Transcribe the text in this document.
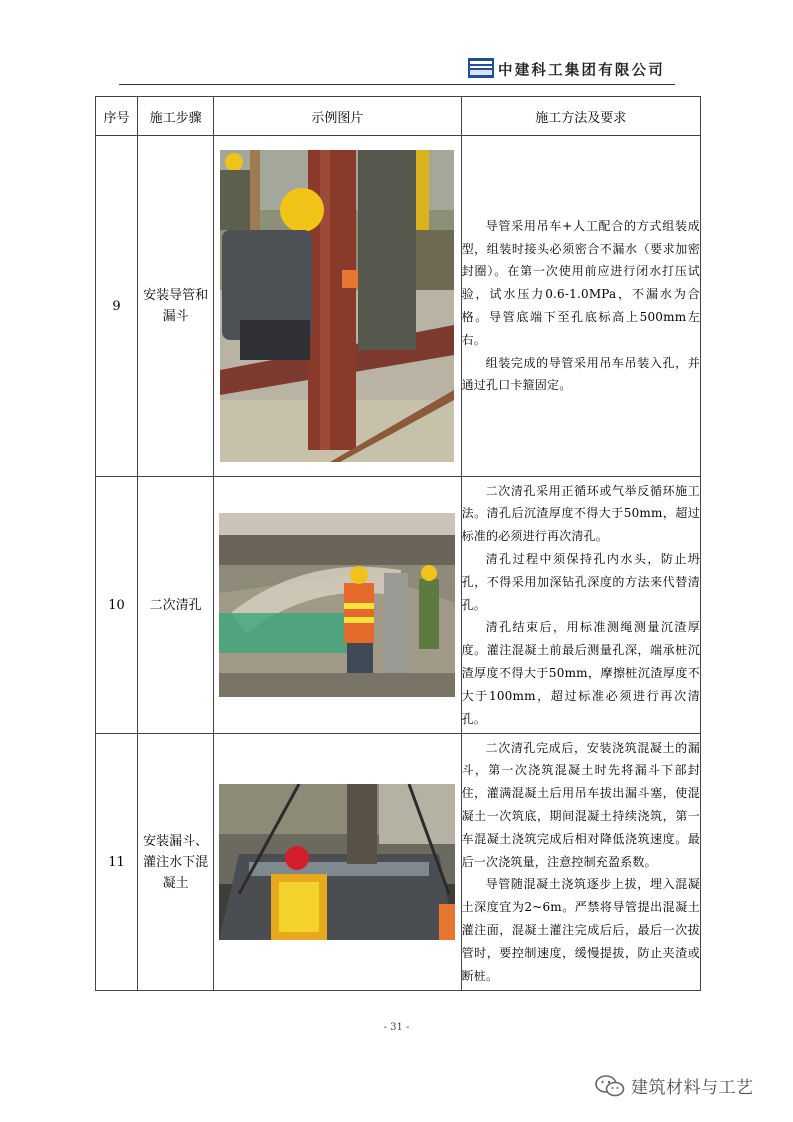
中建科工集团有限公司
序号	施工步骤	示例图片	施工方法及要求
9	安装导管和漏斗		导管采用吊车+人工配合的方式组装成型，组装时接头必须密合不漏水（要求加密封圈）。在第一次使用前应进行闭水打压试验，试水压力0.6-1.0MPa，不漏水为合格。导管底端下至孔底标高上500mm左右。

组装完成的导管采用吊车吊装入孔，并通过孔口卡箍固定。

10	二次清孔		二次清孔采用正循环或气举反循环施工法。清孔后沉渣厚度不得大于50mm，超过标准的必须进行再次清孔。

清孔过程中须保持孔内水头，防止坍孔，不得采用加深钻孔深度的方法来代替清孔。

清孔结束后，用标准测绳测量沉渣厚度。灌注混凝土前最后测量孔深，端承桩沉渣厚度不得大于50mm，摩擦桩沉渣厚度不大于100mm，超过标准必须进行再次清孔。

11	安装漏斗、灌注水下混凝土		二次清孔完成后，安装浇筑混凝土的漏斗，第一次浇筑混凝土时先将漏斗下部封住，灌满混凝土后用吊车拔出漏斗塞，使混凝土一次筑底，期间混凝土持续浇筑，第一车混凝土浇筑完成后相对降低浇筑速度。最后一次浇筑量，注意控制充盈系数。

导管随混凝土浇筑逐步上拔，埋入混凝土深度宜为2~6m。严禁将导管提出混凝土灌注面，混凝土灌注完成后后，最后一次拔管时，要控制速度，缓慢提拔，防止夹渣或断桩。

- 31 -
建筑材料与工艺
